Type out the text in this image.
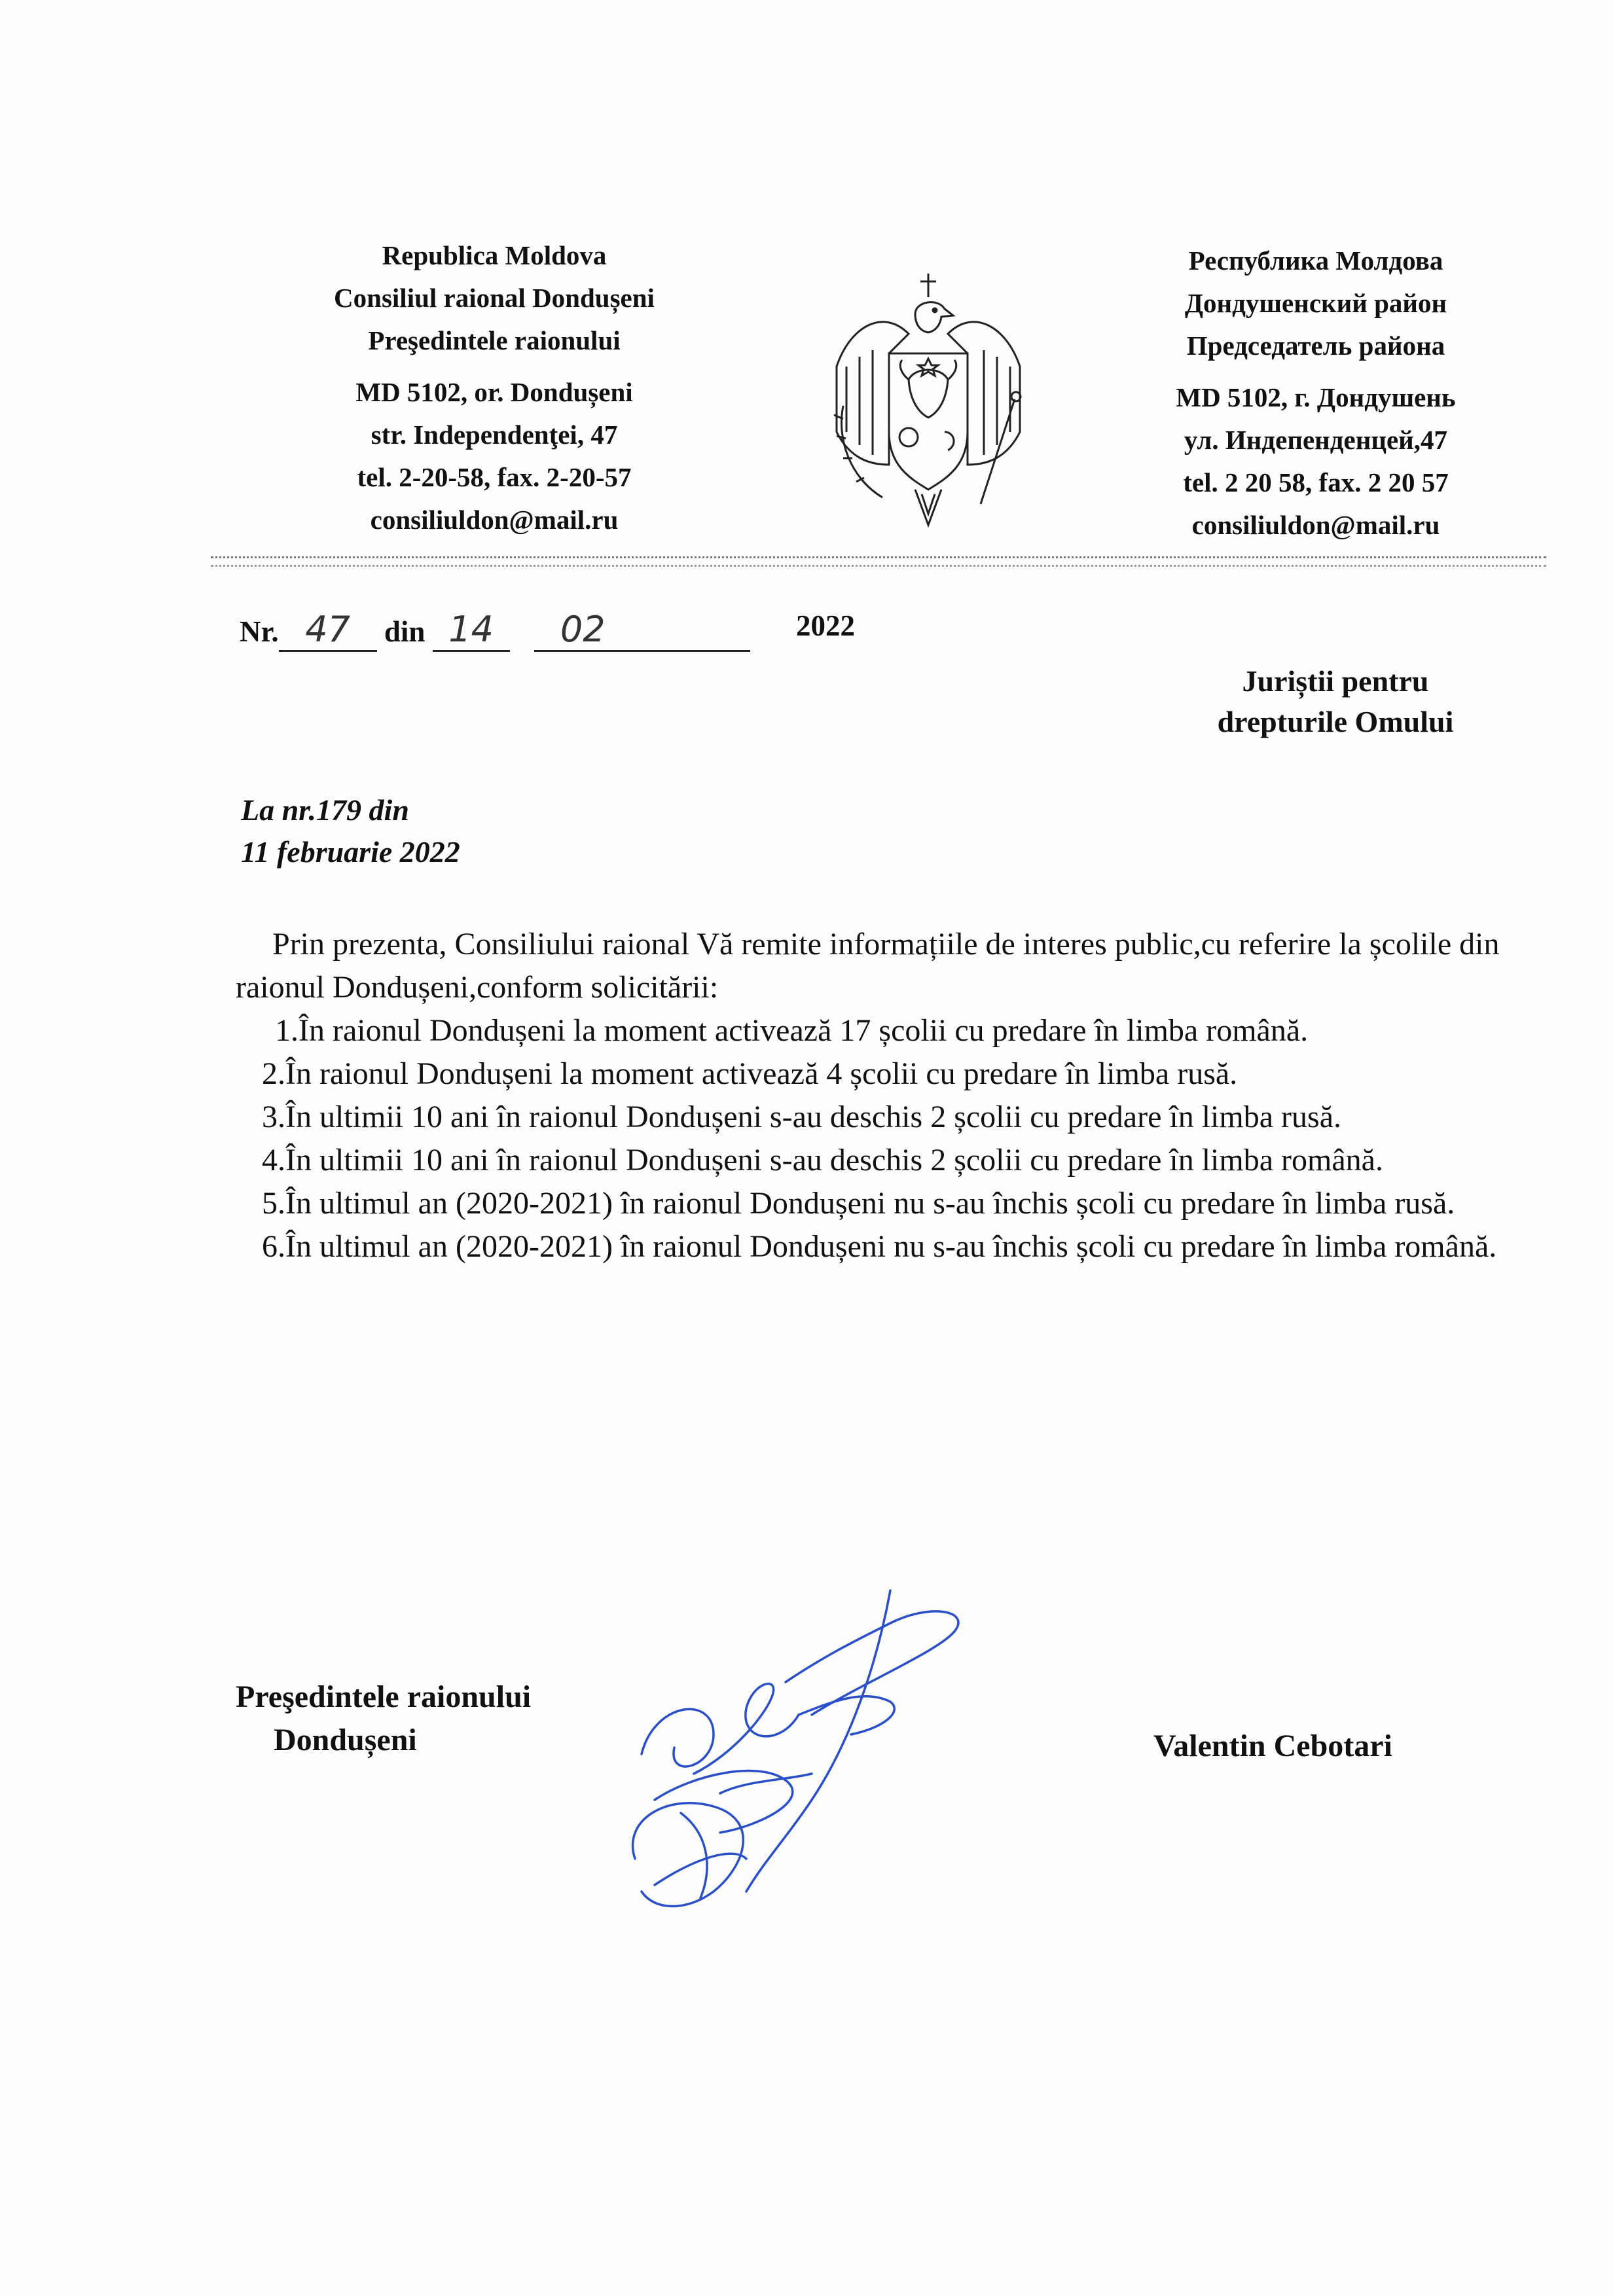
Republica Moldova
Consiliul raional Dondușeni
Preşedintele raionului
MD 5102, or. Dondușeni
str. Independenţei, 47
tel. 2-20-58, fax. 2-20-57
consiliuldon@mail.ru
Республика Молдова
Дондушенский район
Председатель района
MD 5102, г. Дондушень
ул. Индепенденцей,47
tel. 2 20 58, fax. 2 20 57
consiliuldon@mail.ru
Nr. 47 din 14 02	2022
Juriștii pentru
drepturile Omului
La nr.179 din
11 februarie 2022

Prin prezenta, Consiliului raional Vă remite informațiile de interes public,cu referire la școlile din raionul Dondușeni,conform solicitării:

1.În raionul Dondușeni la moment activează 17 școlii cu predare în limba română.

2.În raionul Dondușeni la moment activează 4 școlii cu predare în limba rusă.

3.În ultimii 10 ani în raionul Dondușeni s-au deschis 2 școlii cu predare în limba rusă.

4.În ultimii 10 ani în raionul Dondușeni s-au deschis 2 școlii cu predare în limba română.

5.În ultimul an (2020-2021) în raionul Dondușeni nu s-au închis școli cu predare în limba rusă.

6.În ultimul an (2020-2021) în raionul Dondușeni nu s-au închis școli cu predare în limba română.

Preşedintele raionului
Dondușeni	Valentin Cebotari
